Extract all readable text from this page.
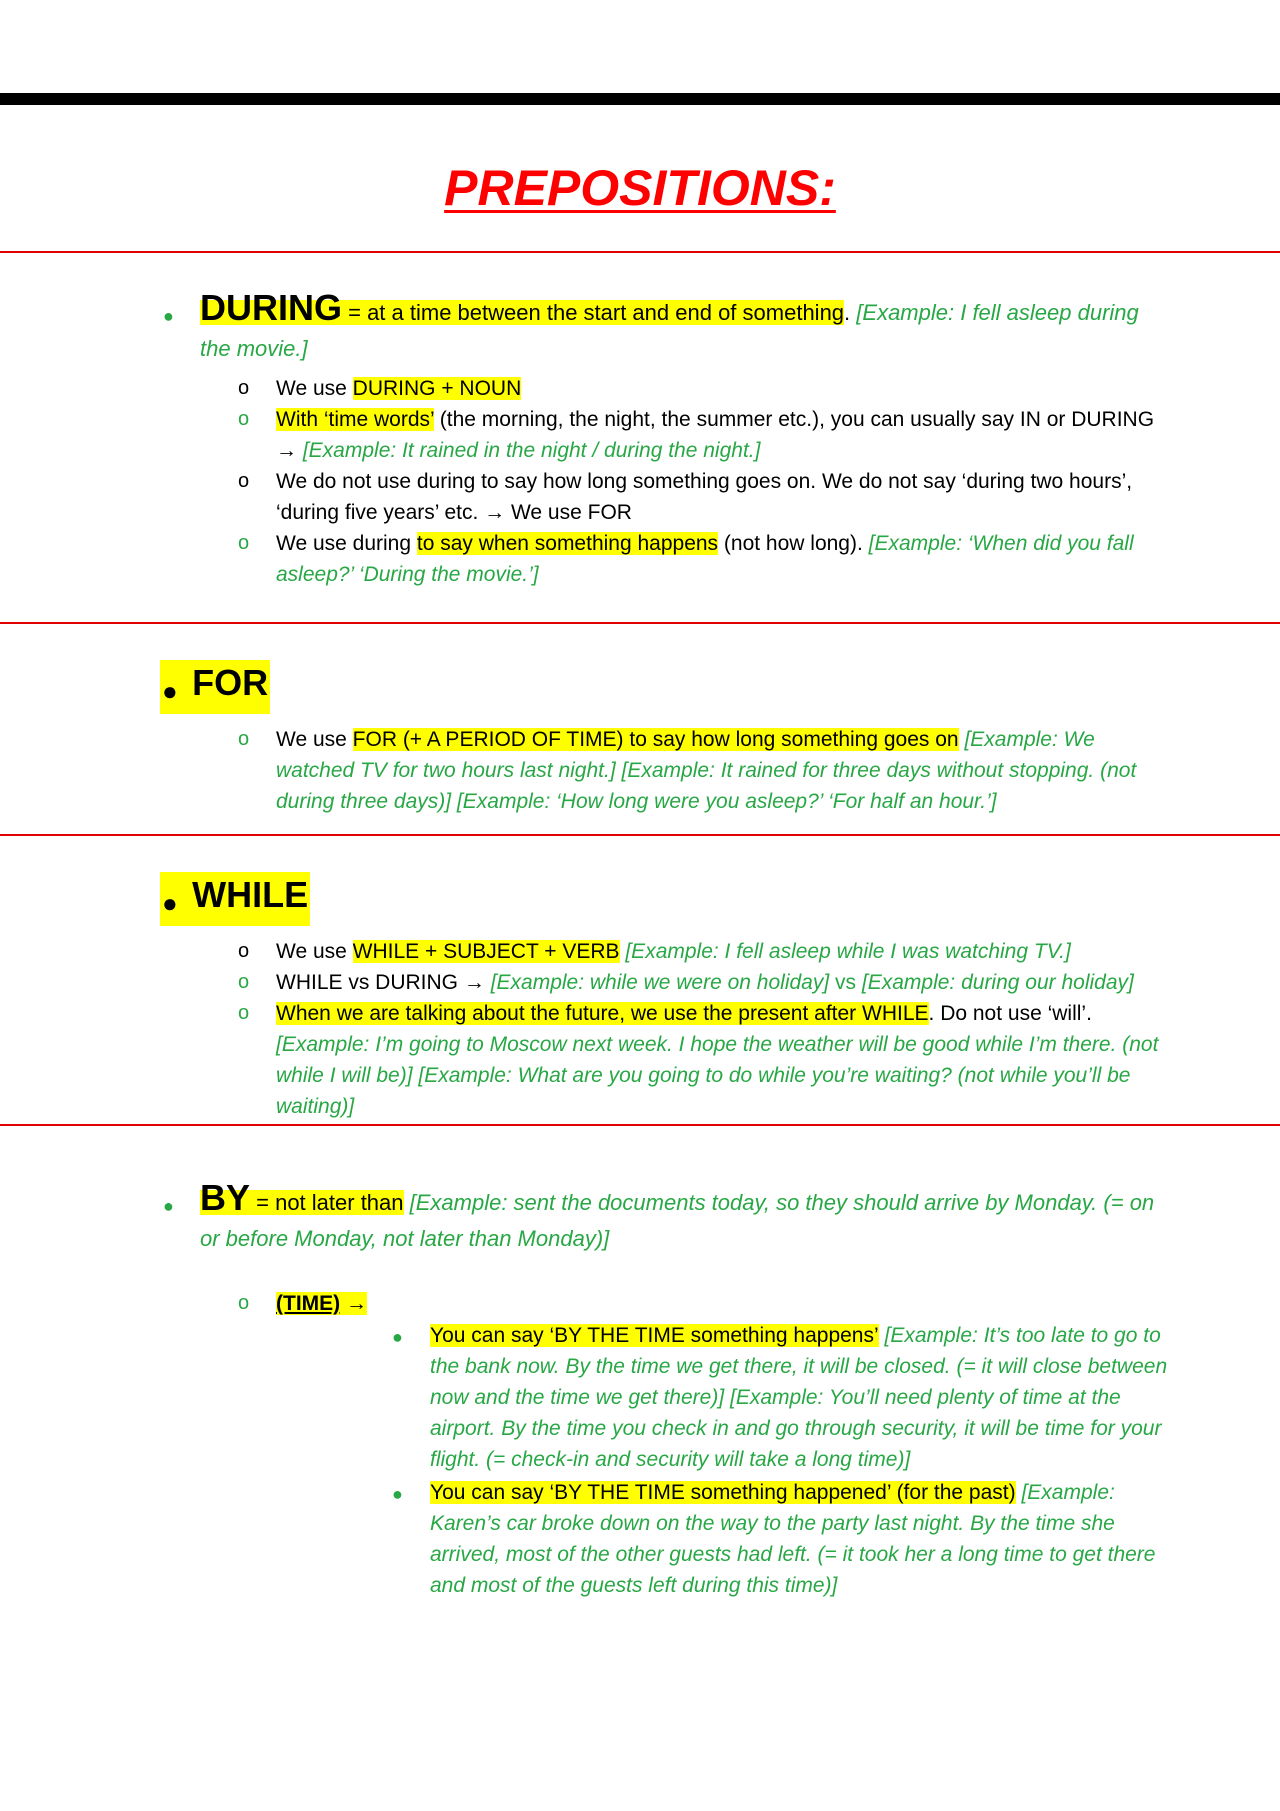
PREPOSITIONS:
● DURING = at a time between the start and end of something. [Example: I fell asleep during the movie.]
o We use DURING + NOUN
o With ‘time words’ (the morning, the night, the summer etc.), you can usually say IN or DURING → [Example: It rained in the night / during the night.]
o We do not use during to say how long something goes on. We do not say ‘during two hours’, ‘during five years’ etc. → We use FOR
o We use during to say when something happens (not how long). [Example: ‘When did you fall asleep?’ ‘During the movie.’]
●  FOR
o We use FOR (+ A PERIOD OF TIME) to say how long something goes on [Example: We watched TV for two hours last night.] [Example: It rained for three days without stopping. (not during three days)] [Example: ‘How long were you asleep?’ ‘For half an hour.’]
●  WHILE
o We use WHILE + SUBJECT + VERB [Example: I fell asleep while I was watching TV.]
o WHILE vs DURING → [Example: while we were on holiday] vs [Example: during our holiday]
o When we are talking about the future, we use the present after WHILE. Do not use ‘will’. [Example: I’m going to Moscow next week. I hope the weather will be good while I’m there. (not while I will be)] [Example: What are you going to do while you’re waiting? (not while you’ll be waiting)]
● BY = not later than [Example: sent the documents today, so they should arrive by Monday. (= on or before Monday, not later than Monday)]
o (TIME) →
● You can say ‘BY THE TIME something happens’ [Example: It’s too late to go to the bank now. By the time we get there, it will be closed. (= it will close between now and the time we get there)] [Example: You’ll need plenty of time at the airport. By the time you check in and go through security, it will be time for your flight. (= check-in and security will take a long time)]
● You can say ‘BY THE TIME something happened’ (for the past) [Example: Karen’s car broke down on the way to the party last night. By the time she arrived, most of the other guests had left. (= it took her a long time to get there and most of the guests left during this time)]
